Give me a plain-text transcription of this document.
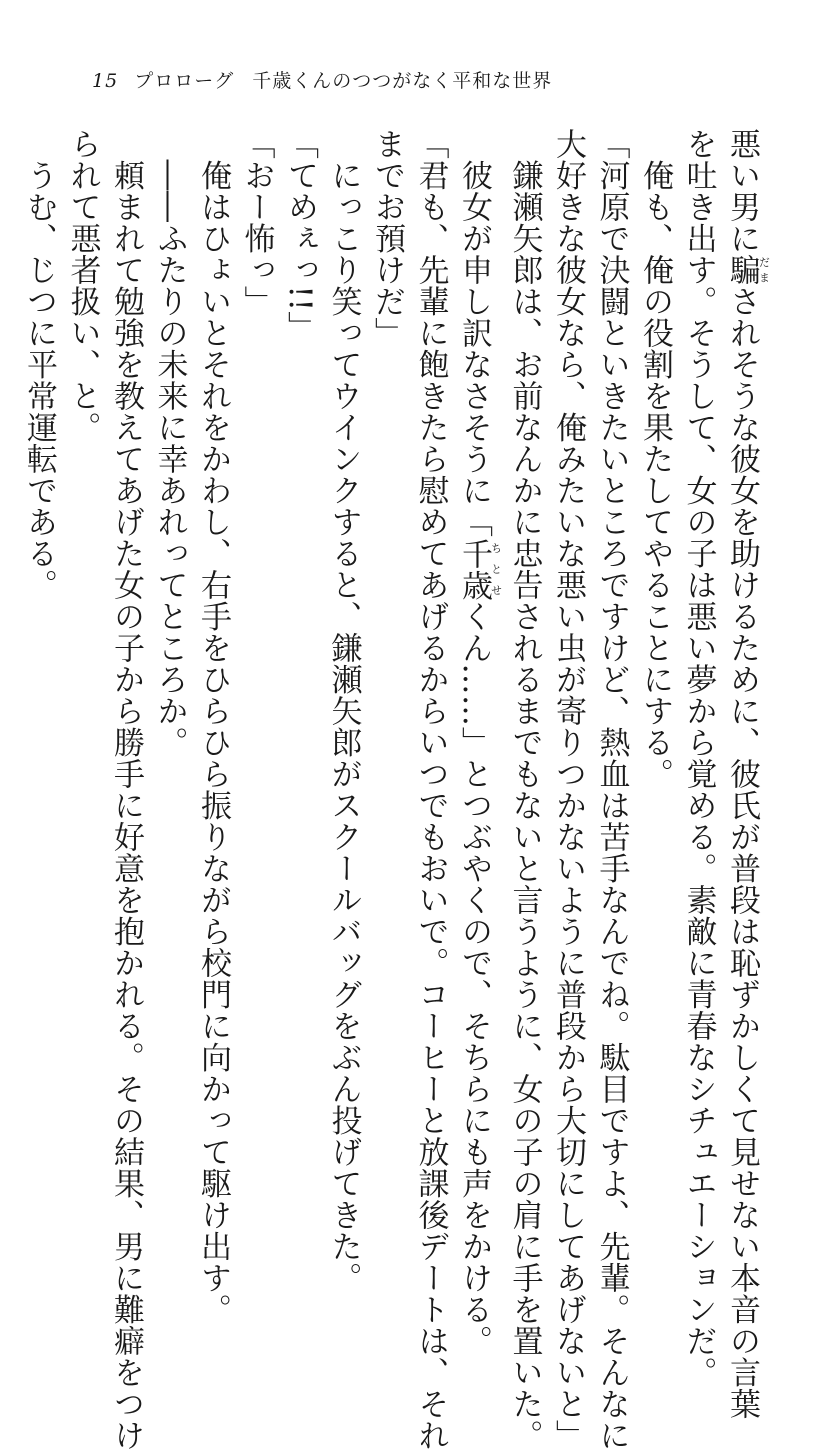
15 プロローグ 千歳くんのつつがなく平和な世界
悪い男に騙だまされそうな彼女を助けるために、彼氏が普段は恥ずかしくて見せない本音の言葉
を吐き出す。そうして、女の子は悪い夢から覚める。素敵に青春なシチュエーションだ。
　俺も、俺の役割を果たしてやることにする。
「河原で決闘といきたいところですけど、熱血は苦手なんでね。駄目ですよ、先輩。そんなに
大好きな彼女なら、俺みたいな悪い虫が寄りつかないように普段から大切にしてあげないと」
　鎌瀬矢郎は、お前なんかに忠告されるまでもないと言うように、女の子の肩に手を置いた。
　彼女が申し訳なさそうに「千歳ちとせくん……」とつぶやくので、そちらにも声をかける。
「君も、先輩に飽きたら慰めてあげるからいつでもおいで。コーヒーと放課後デートは、それ
までお預けだ」
　にっこり笑ってウインクすると、鎌瀬矢郎がスクールバッグをぶん投げてきた。
「てめぇっ!!」
「おー怖っ」
　俺はひょいとそれをかわし、右手をひらひら振りながら校門に向かって駆け出す。
　――ふたりの未来に幸あれってところか。
　頼まれて勉強を教えてあげた女の子から勝手に好意を抱かれる。その結果、男に難癖をつけ
られて悪者扱い、と。
　うむ、じつに平常運転である。
